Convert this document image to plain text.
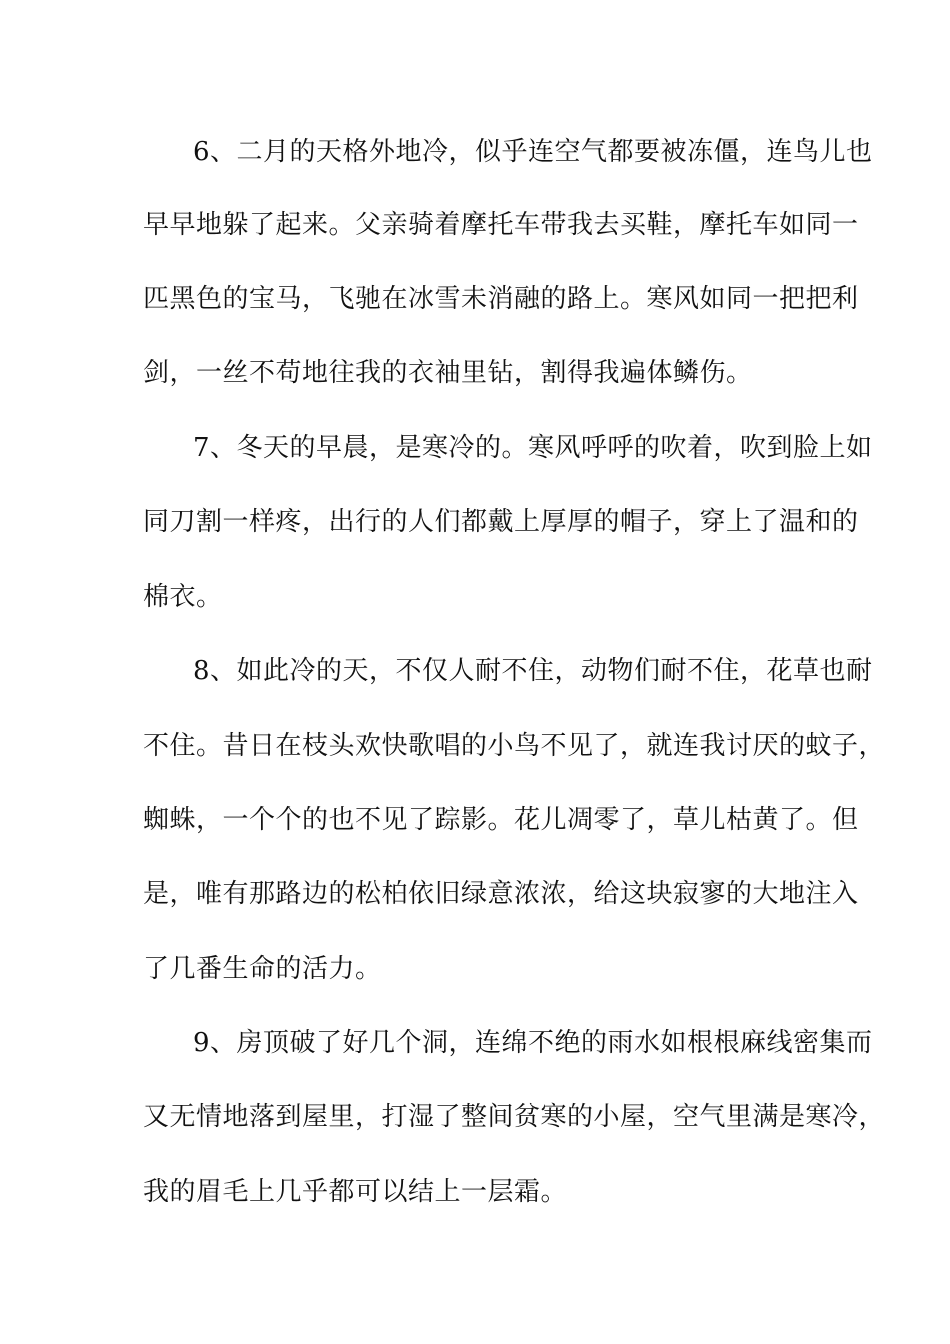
6、二月的天格外地冷，似乎连空气都要被冻僵，连鸟儿也
早早地躲了起来。父亲骑着摩托车带我去买鞋，摩托车如同一
匹黑色的宝马，飞驰在冰雪未消融的路上。寒风如同一把把利
剑，一丝不苟地往我的衣袖里钻，割得我遍体鳞伤。
7、冬天的早晨，是寒冷的。寒风呼呼的吹着，吹到脸上如
同刀割一样疼，出行的人们都戴上厚厚的帽子，穿上了温和的
棉衣。
8、如此冷的天，不仅人耐不住，动物们耐不住，花草也耐
不住。昔日在枝头欢快歌唱的小鸟不见了，就连我讨厌的蚊子，
蜘蛛，一个个的也不见了踪影。花儿凋零了，草儿枯黄了。但
是，唯有那路边的松柏依旧绿意浓浓，给这块寂寥的大地注入
了几番生命的活力。
9、房顶破了好几个洞，连绵不绝的雨水如根根麻线密集而
又无情地落到屋里，打湿了整间贫寒的小屋，空气里满是寒冷，
我的眉毛上几乎都可以结上一层霜。
